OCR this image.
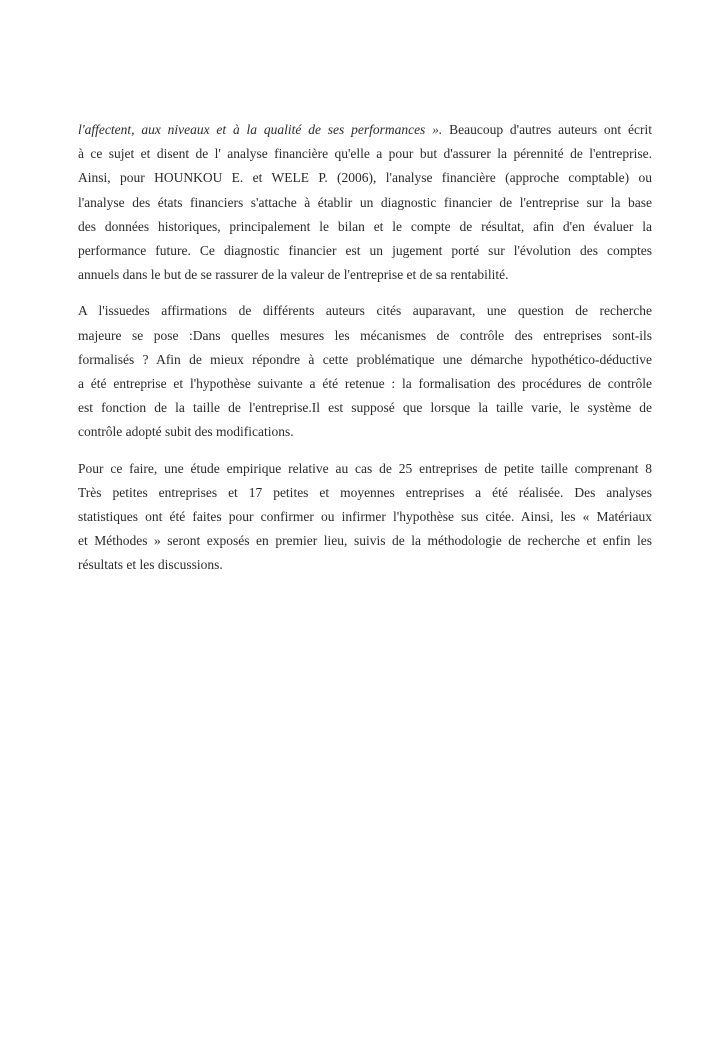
l'affectent, aux niveaux et à la qualité de ses performances ». Beaucoup d'autres auteurs ont écrit
à ce sujet et disent de l' analyse financière qu'elle a pour but d'assurer la pérennité de l'entreprise.
Ainsi, pour HOUNKOU E. et WELE P. (2006), l'analyse financière (approche comptable) ou
l'analyse des états financiers s'attache à établir un diagnostic financier de l'entreprise sur la base
des données historiques, principalement le bilan et le compte de résultat, afin d'en évaluer la
performance future. Ce diagnostic financier est un jugement porté sur l'évolution des comptes
annuels dans le but de se rassurer de la valeur de l'entreprise et de sa rentabilité.

A l'issuedes affirmations de différents auteurs cités auparavant, une question de recherche
majeure se pose :Dans quelles mesures les mécanismes de contrôle des entreprises sont-ils
formalisés ? Afin de mieux répondre à cette problématique une démarche hypothético-déductive
a été entreprise et l'hypothèse suivante a été retenue : la formalisation des procédures de contrôle
est fonction de la taille de l'entreprise.Il est supposé que lorsque la taille varie, le système de
contrôle adopté subit des modifications.

Pour ce faire, une étude empirique relative au cas de 25 entreprises de petite taille comprenant 8
Très petites entreprises et 17 petites et moyennes entreprises a été réalisée. Des analyses
statistiques ont été faites pour confirmer ou infirmer l'hypothèse sus citée. Ainsi, les « Matériaux
et Méthodes » seront exposés en premier lieu, suivis de la méthodologie de recherche et enfin les
résultats et les discussions.
